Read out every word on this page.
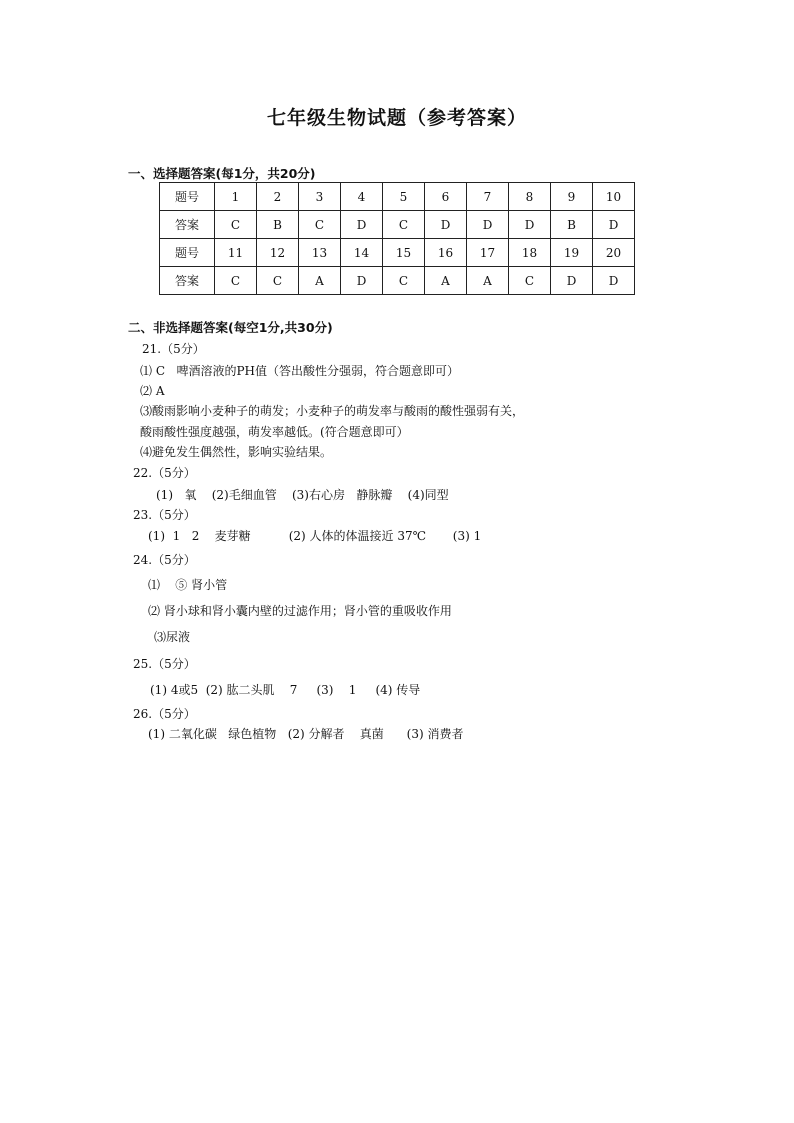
七年级生物试题（参考答案）
一、选择题答案(每1分，共20分)
题号	1	2	3	4	5	6	7	8	9	10
答案	C	B	C	D	C	D	D	D	B	D
题号	11	12	13	14	15	16	17	18	19	20
答案	C	C	A	D	C	A	A	C	D	D
二、非选择题答案(每空1分,共30分)
21.（5分）
⑴ C   啤酒溶液的PH值（答出酸性分强弱，符合题意即可）
⑵ A
⑶酸雨影响小麦种子的萌发；小麦种子的萌发率与酸雨的酸性强弱有关，
酸雨酸性强度越强，萌发率越低。(符合题意即可）
⑷避免发生偶然性，影响实验结果。
22.（5分）
(1)   氧    (2)毛细血管    (3)右心房   静脉瓣    (4)同型
23.（5分）
(1)  1   2    麦芽糖          (2) 人体的体温接近 37℃       (3) 1
24.（5分）
⑴    ⑤ 肾小管
⑵ 肾小球和肾小囊内壁的过滤作用；肾小管的重吸收作用
⑶尿液
25.（5分）
(1) 4或5  (2) 肱二头肌    7     (3)    1     (4) 传导
26.（5分）
(1) 二氧化碳   绿色植物   (2) 分解者    真菌      (3) 消费者
